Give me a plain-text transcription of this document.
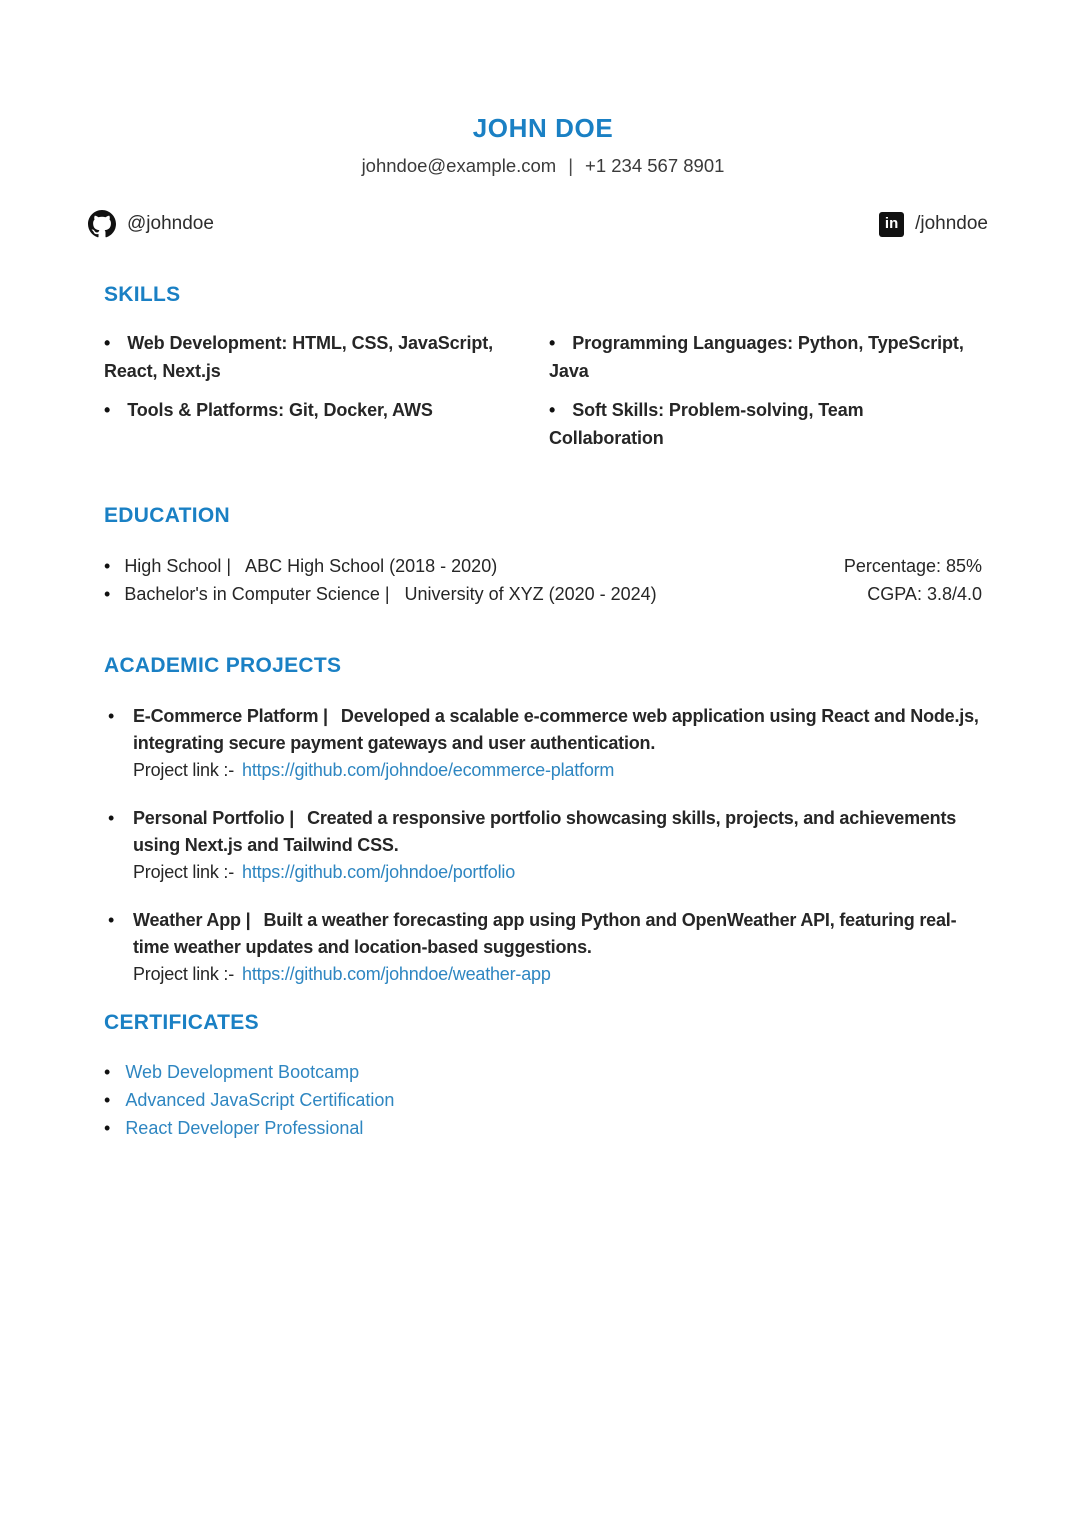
JOHN DOE
johndoe@example.com | +1 234 567 8901
@johndoe	in /johndoe
SKILLS
• Web Development: HTML, CSS, JavaScript, React, Next.js
• Tools & Platforms: Git, Docker, AWS
• Programming Languages: Python, TypeScript, Java
• Soft Skills: Problem-solving, Team Collaboration
EDUCATION
• High School |   ABC High School (2018 - 2020)	Percentage: 85%
• Bachelor's in Computer Science |   University of XYZ (2020 - 2024)	CGPA: 3.8/4.0
ACADEMIC PROJECTS
• E-Commerce Platform | Developed a scalable e-commerce web application using React and Node.js, integrating secure payment gateways and user authentication.
Project link :- https://github.com/johndoe/ecommerce-platform
• Personal Portfolio | Created a responsive portfolio showcasing skills, projects, and achievements using Next.js and Tailwind CSS.
Project link :- https://github.com/johndoe/portfolio
• Weather App | Built a weather forecasting app using Python and OpenWeather API, featuring real-time weather updates and location-based suggestions.
Project link :- https://github.com/johndoe/weather-app
CERTIFICATES
• Web Development Bootcamp
• Advanced JavaScript Certification
• React Developer Professional
